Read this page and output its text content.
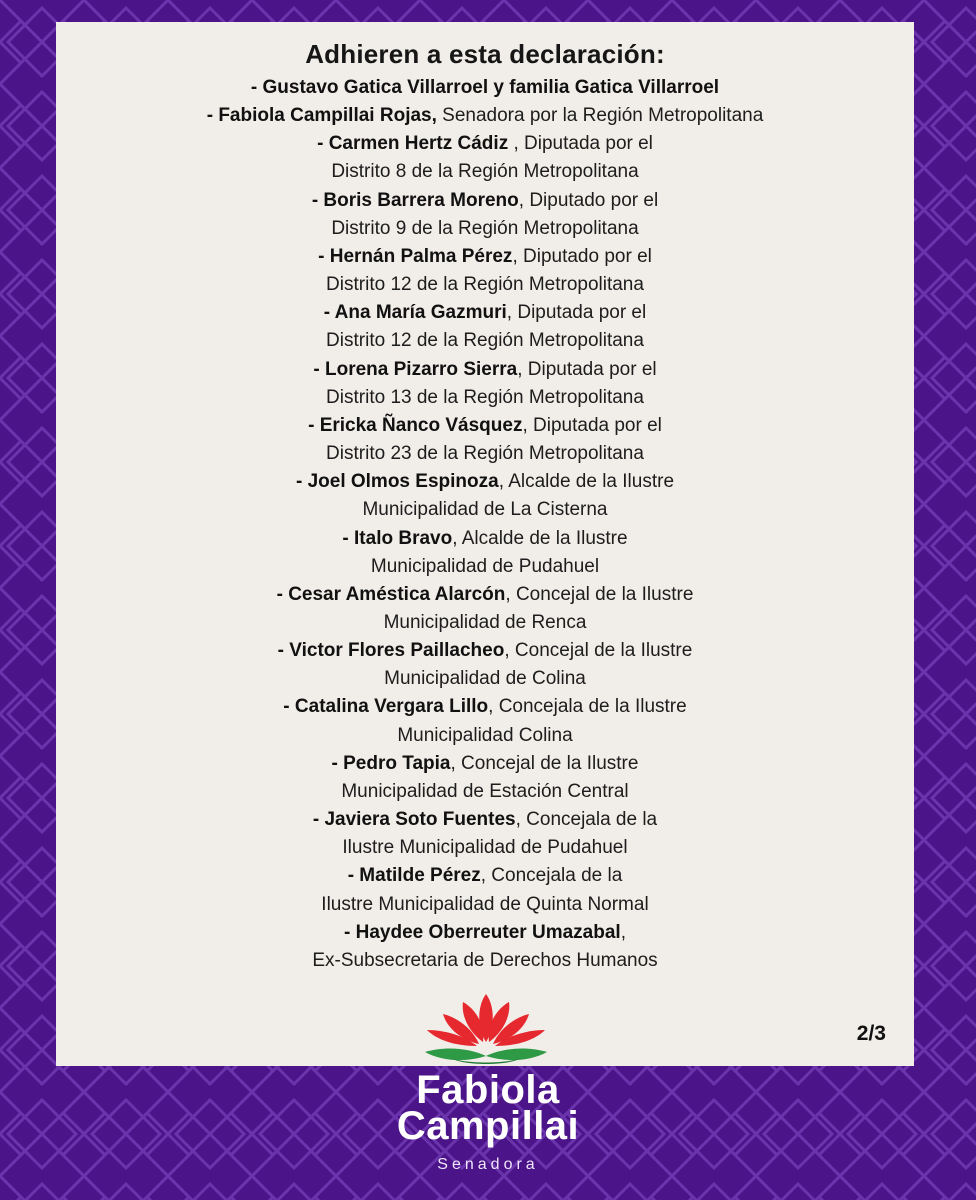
Adhieren a esta declaración:
- Gustavo Gatica Villarroel y familia Gatica Villarroel
- Fabiola Campillai Rojas, Senadora por la Región Metropolitana
- Carmen Hertz Cádiz , Diputada por el
Distrito 8 de la Región Metropolitana
- Boris Barrera Moreno, Diputado por el
Distrito 9 de la Región Metropolitana
- Hernán Palma Pérez, Diputado por el
Distrito 12 de la Región Metropolitana
- Ana María Gazmuri, Diputada por el
Distrito 12 de la Región Metropolitana
- Lorena Pizarro Sierra, Diputada por el
Distrito 13 de la Región Metropolitana
- Ericka Ñanco Vásquez, Diputada por el
Distrito 23 de la Región Metropolitana
- Joel Olmos Espinoza, Alcalde de la Ilustre
Municipalidad de La Cisterna
- Italo Bravo, Alcalde de la Ilustre
Municipalidad de Pudahuel
- Cesar Améstica Alarcón, Concejal de la Ilustre
Municipalidad de Renca
- Victor Flores Paillacheo, Concejal de la Ilustre
Municipalidad de Colina
- Catalina Vergara Lillo, Concejala de la Ilustre
Municipalidad Colina
- Pedro Tapia, Concejal de la Ilustre
Municipalidad de Estación Central
- Javiera Soto Fuentes, Concejala de la
Ilustre Municipalidad de Pudahuel
- Matilde Pérez, Concejala de la
Ilustre Municipalidad de Quinta Normal
- Haydee Oberreuter Umazabal,
Ex-Subsecretaria de Derechos Humanos
2/3
Fabiola
Campillai
Senadora
